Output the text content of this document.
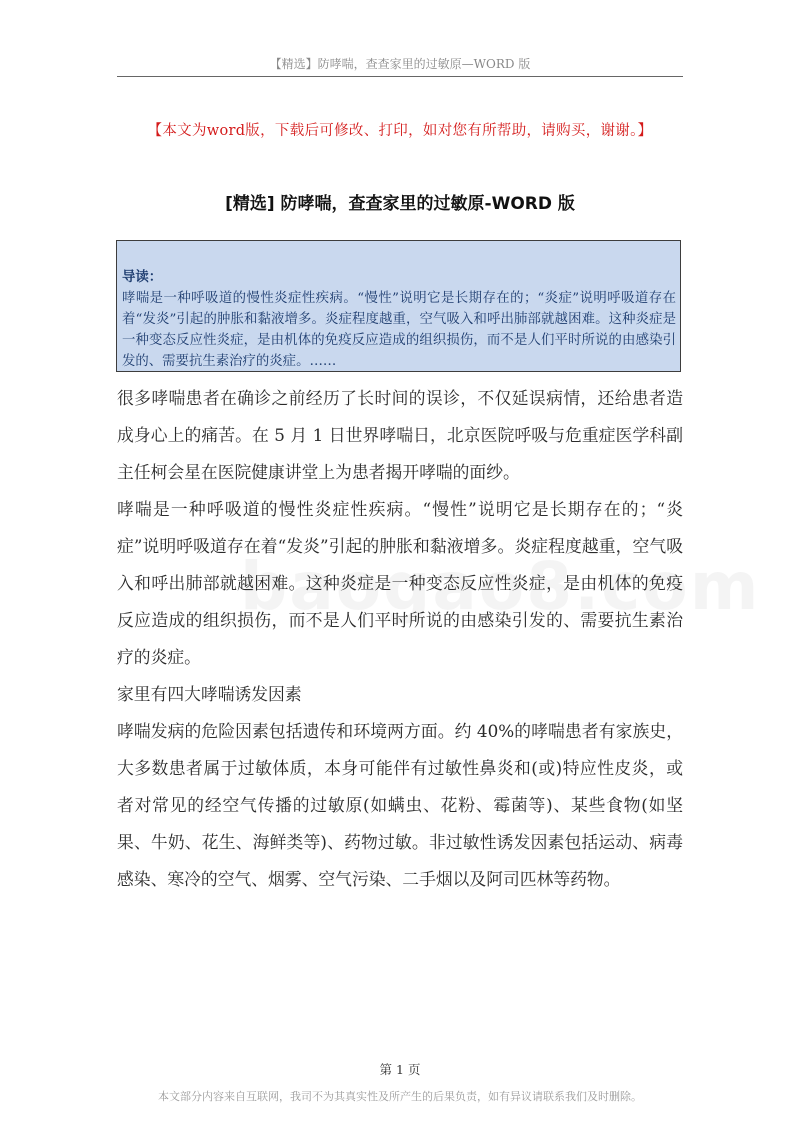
【精选】防哮喘，查查家里的过敏原—WORD 版
【本文为word版，下载后可修改、打印，如对您有所帮助，请购买，谢谢。】
[精选] 防哮喘，查查家里的过敏原-WORD 版
导读：
哮喘是一种呼吸道的慢性炎症性疾病。“慢性”说明它是长期存在的；“炎症”说明呼吸道存在着“发炎”引起的肿胀和黏液增多。炎症程度越重，空气吸入和呼出肺部就越困难。这种炎症是一种变态反应性炎症，是由机体的免疫反应造成的组织损伤，而不是人们平时所说的由感染引发的、需要抗生素治疗的炎症。……

很多哮喘患者在确诊之前经历了长时间的误诊，不仅延误病情，还给患者造成身心上的痛苦。在 5 月 1 日世界哮喘日，北京医院呼吸与危重症医学科副主任柯会星在医院健康讲堂上为患者揭开哮喘的面纱。

哮喘是一种呼吸道的慢性炎症性疾病。“慢性”说明它是长期存在的；“炎症”说明呼吸道存在着“发炎”引起的肿胀和黏液增多。炎症程度越重，空气吸入和呼出肺部就越困难。这种炎症是一种变态反应性炎症，是由机体的免疫反应造成的组织损伤，而不是人们平时所说的由感染引发的、需要抗生素治疗的炎症。

家里有四大哮喘诱发因素

哮喘发病的危险因素包括遗传和环境两方面。约 40%的哮喘患者有家族史，大多数患者属于过敏体质，本身可能伴有过敏性鼻炎和(或)特应性皮炎，或者对常见的经空气传播的过敏原(如螨虫、花粉、霉菌等)、某些食物(如坚果、牛奶、花生、海鲜类等)、药物过敏。非过敏性诱发因素包括运动、病毒感染、寒冷的空气、烟雾、空气污染、二手烟以及阿司匹林等药物。

第 1 页
本文部分内容来自互联网，我司不为其真实性及所产生的后果负责，如有异议请联系我们及时删除。
